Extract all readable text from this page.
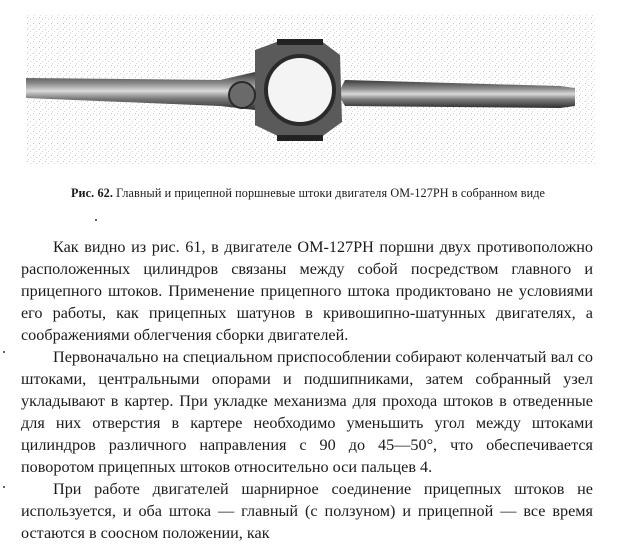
Рис. 62. Главный и прицепной поршневые штоки двигателя ОМ-127РН в собранном виде

Как видно из рис. 61, в двигателе ОМ-127РН поршни двух противоположно расположенных цилиндров связаны между собой посредством главного и прицепного штоков. Применение прицепного штока продиктовано не условиями его работы, как прицепных шатунов в кривошипно-шатунных двигателях, а соображениями облегчения сборки двигателей.

Первоначально на специальном приспособлении собирают коленчатый вал со штоками, центральными опорами и подшипниками, затем собранный узел укладывают в картер. При укладке механизма для прохода штоков в отведенные для них отверстия в картере необходимо уменьшить угол между штоками цилиндров различного направления с 90 до 45—50°, что обеспечивается поворотом прицепных штоков относительно оси пальцев 4.

При работе двигателей шарнирное соединение прицепных штоков не используется, и оба штока — главный (с ползуном) и прицепной — все время остаются в соосном положении, как
